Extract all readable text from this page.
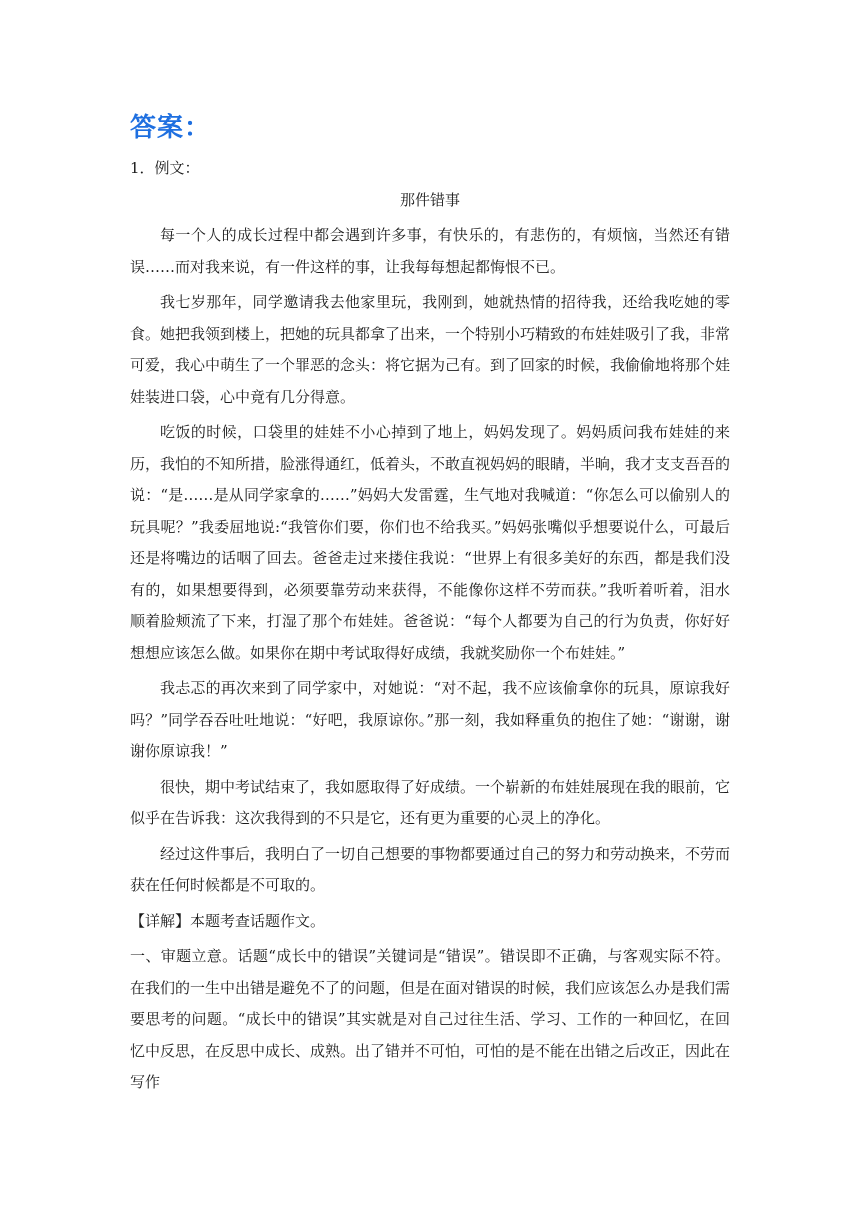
答案：

1．例文：

那件错事

每一个人的成长过程中都会遇到许多事，有快乐的，有悲伤的，有烦恼，当然还有错误……而对我来说，有一件这样的事，让我每每想起都悔恨不已。

我七岁那年，同学邀请我去他家里玩，我刚到，她就热情的招待我，还给我吃她的零食。她把我领到楼上，把她的玩具都拿了出来，一个特别小巧精致的布娃娃吸引了我，非常可爱，我心中萌生了一个罪恶的念头：将它据为己有。到了回家的时候，我偷偷地将那个娃娃装进口袋，心中竟有几分得意。

吃饭的时候，口袋里的娃娃不小心掉到了地上，妈妈发现了。妈妈质问我布娃娃的来历，我怕的不知所措，脸涨得通红，低着头，不敢直视妈妈的眼睛，半晌，我才支支吾吾的说：“是……是从同学家拿的……”妈妈大发雷霆，生气地对我喊道：“你怎么可以偷别人的玩具呢？”我委屈地说:“我管你们要，你们也不给我买。”妈妈张嘴似乎想要说什么，可最后还是将嘴边的话咽了回去。爸爸走过来搂住我说：“世界上有很多美好的东西，都是我们没有的，如果想要得到，必须要靠劳动来获得，不能像你这样不劳而获。”我听着听着，泪水顺着脸颊流了下来，打湿了那个布娃娃。爸爸说：“每个人都要为自己的行为负责，你好好想想应该怎么做。如果你在期中考试取得好成绩，我就奖励你一个布娃娃。”

我忐忑的再次来到了同学家中，对她说：“对不起，我不应该偷拿你的玩具，原谅我好吗？”同学吞吞吐吐地说：“好吧，我原谅你。”那一刻，我如释重负的抱住了她：“谢谢，谢谢你原谅我！”

很快，期中考试结束了，我如愿取得了好成绩。一个崭新的布娃娃展现在我的眼前，它似乎在告诉我：这次我得到的不只是它，还有更为重要的心灵上的净化。

经过这件事后，我明白了一切自己想要的事物都要通过自己的努力和劳动换来，不劳而获在任何时候都是不可取的。

【详解】本题考查话题作文。

一、审题立意。话题“成长中的错误”关键词是“错误”。错误即不正确，与客观实际不符。在我们的一生中出错是避免不了的问题，但是在面对错误的时候，我们应该怎么办是我们需要思考的问题。“成长中的错误”其实就是对自己过往生活、学习、工作的一种回忆，在回忆中反思，在反思中成长、成熟。出了错并不可怕，可怕的是不能在出错之后改正，因此在写作
